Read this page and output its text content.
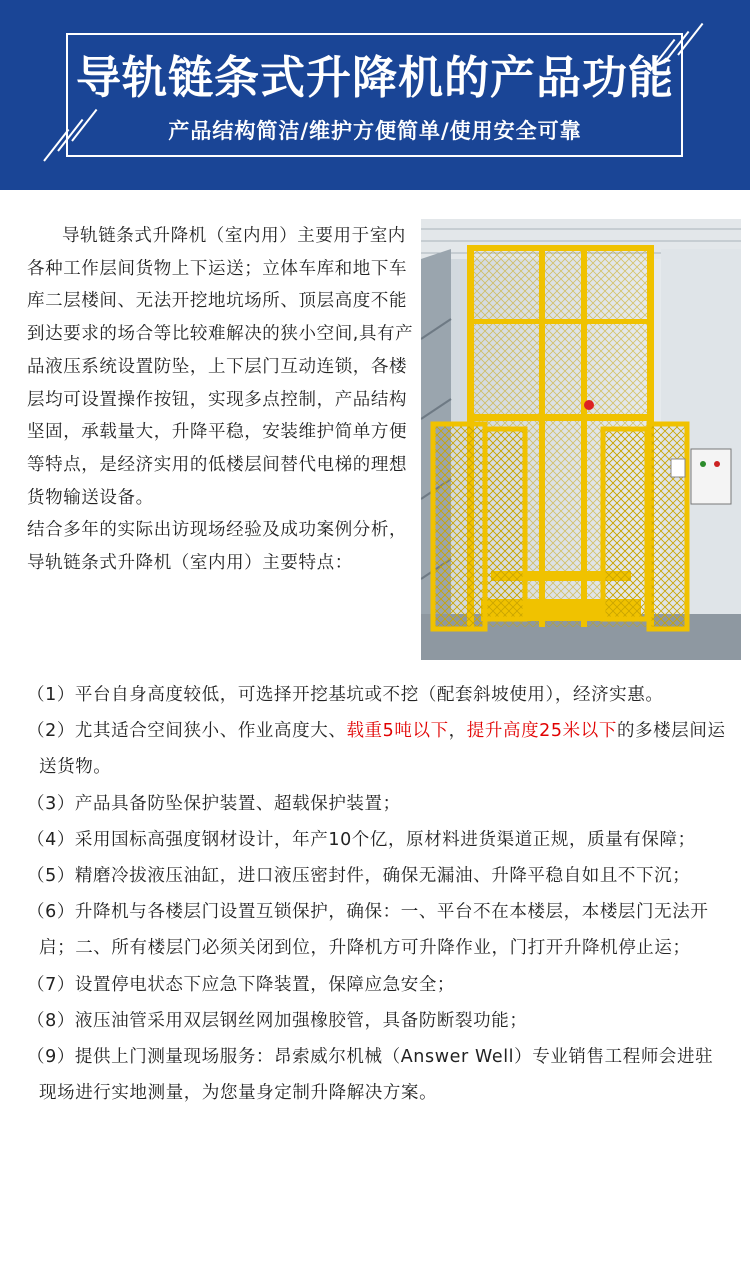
导轨链条式升降机的产品功能
产品结构简洁/维护方便简单/使用安全可靠

导轨链条式升降机（室内用）主要用于室内各种工作层间货物上下运送；立体车库和地下车库二层楼间、无法开挖地坑场所、顶层高度不能到达要求的场合等比较难解决的狭小空间,具有产品液压系统设置防坠，上下层门互动连锁，各楼层均可设置操作按钮，实现多点控制，产品结构坚固，承载量大，升降平稳，安装维护简单方便等特点，是经济实用的低楼层间替代电梯的理想货物输送设备。

结合多年的实际出访现场经验及成功案例分析，导轨链条式升降机（室内用）主要特点：

（1）平台自身高度较低，可选择开挖基坑或不挖（配套斜坡使用），经济实惠。
（2）尤其适合空间狭小、作业高度大、载重5吨以下，提升高度25米以下的多楼层间运送货物。
（3）产品具备防坠保护装置、超载保护装置；
（4）采用国标高强度钢材设计，年产10个亿，原材料进货渠道正规，质量有保障；
（5）精磨冷拔液压油缸，进口液压密封件，确保无漏油、升降平稳自如且不下沉；
（6）升降机与各楼层门设置互锁保护，确保：一、平台不在本楼层，本楼层门无法开启；二、所有楼层门必须关闭到位，升降机方可升降作业，门打开升降机停止运；
（7）设置停电状态下应急下降装置，保障应急安全；
（8）液压油管采用双层钢丝网加强橡胶管，具备防断裂功能；
（9）提供上门测量现场服务：昂索威尔机械（Answer Well）专业销售工程师会进驻现场进行实地测量，为您量身定制升降解决方案。
